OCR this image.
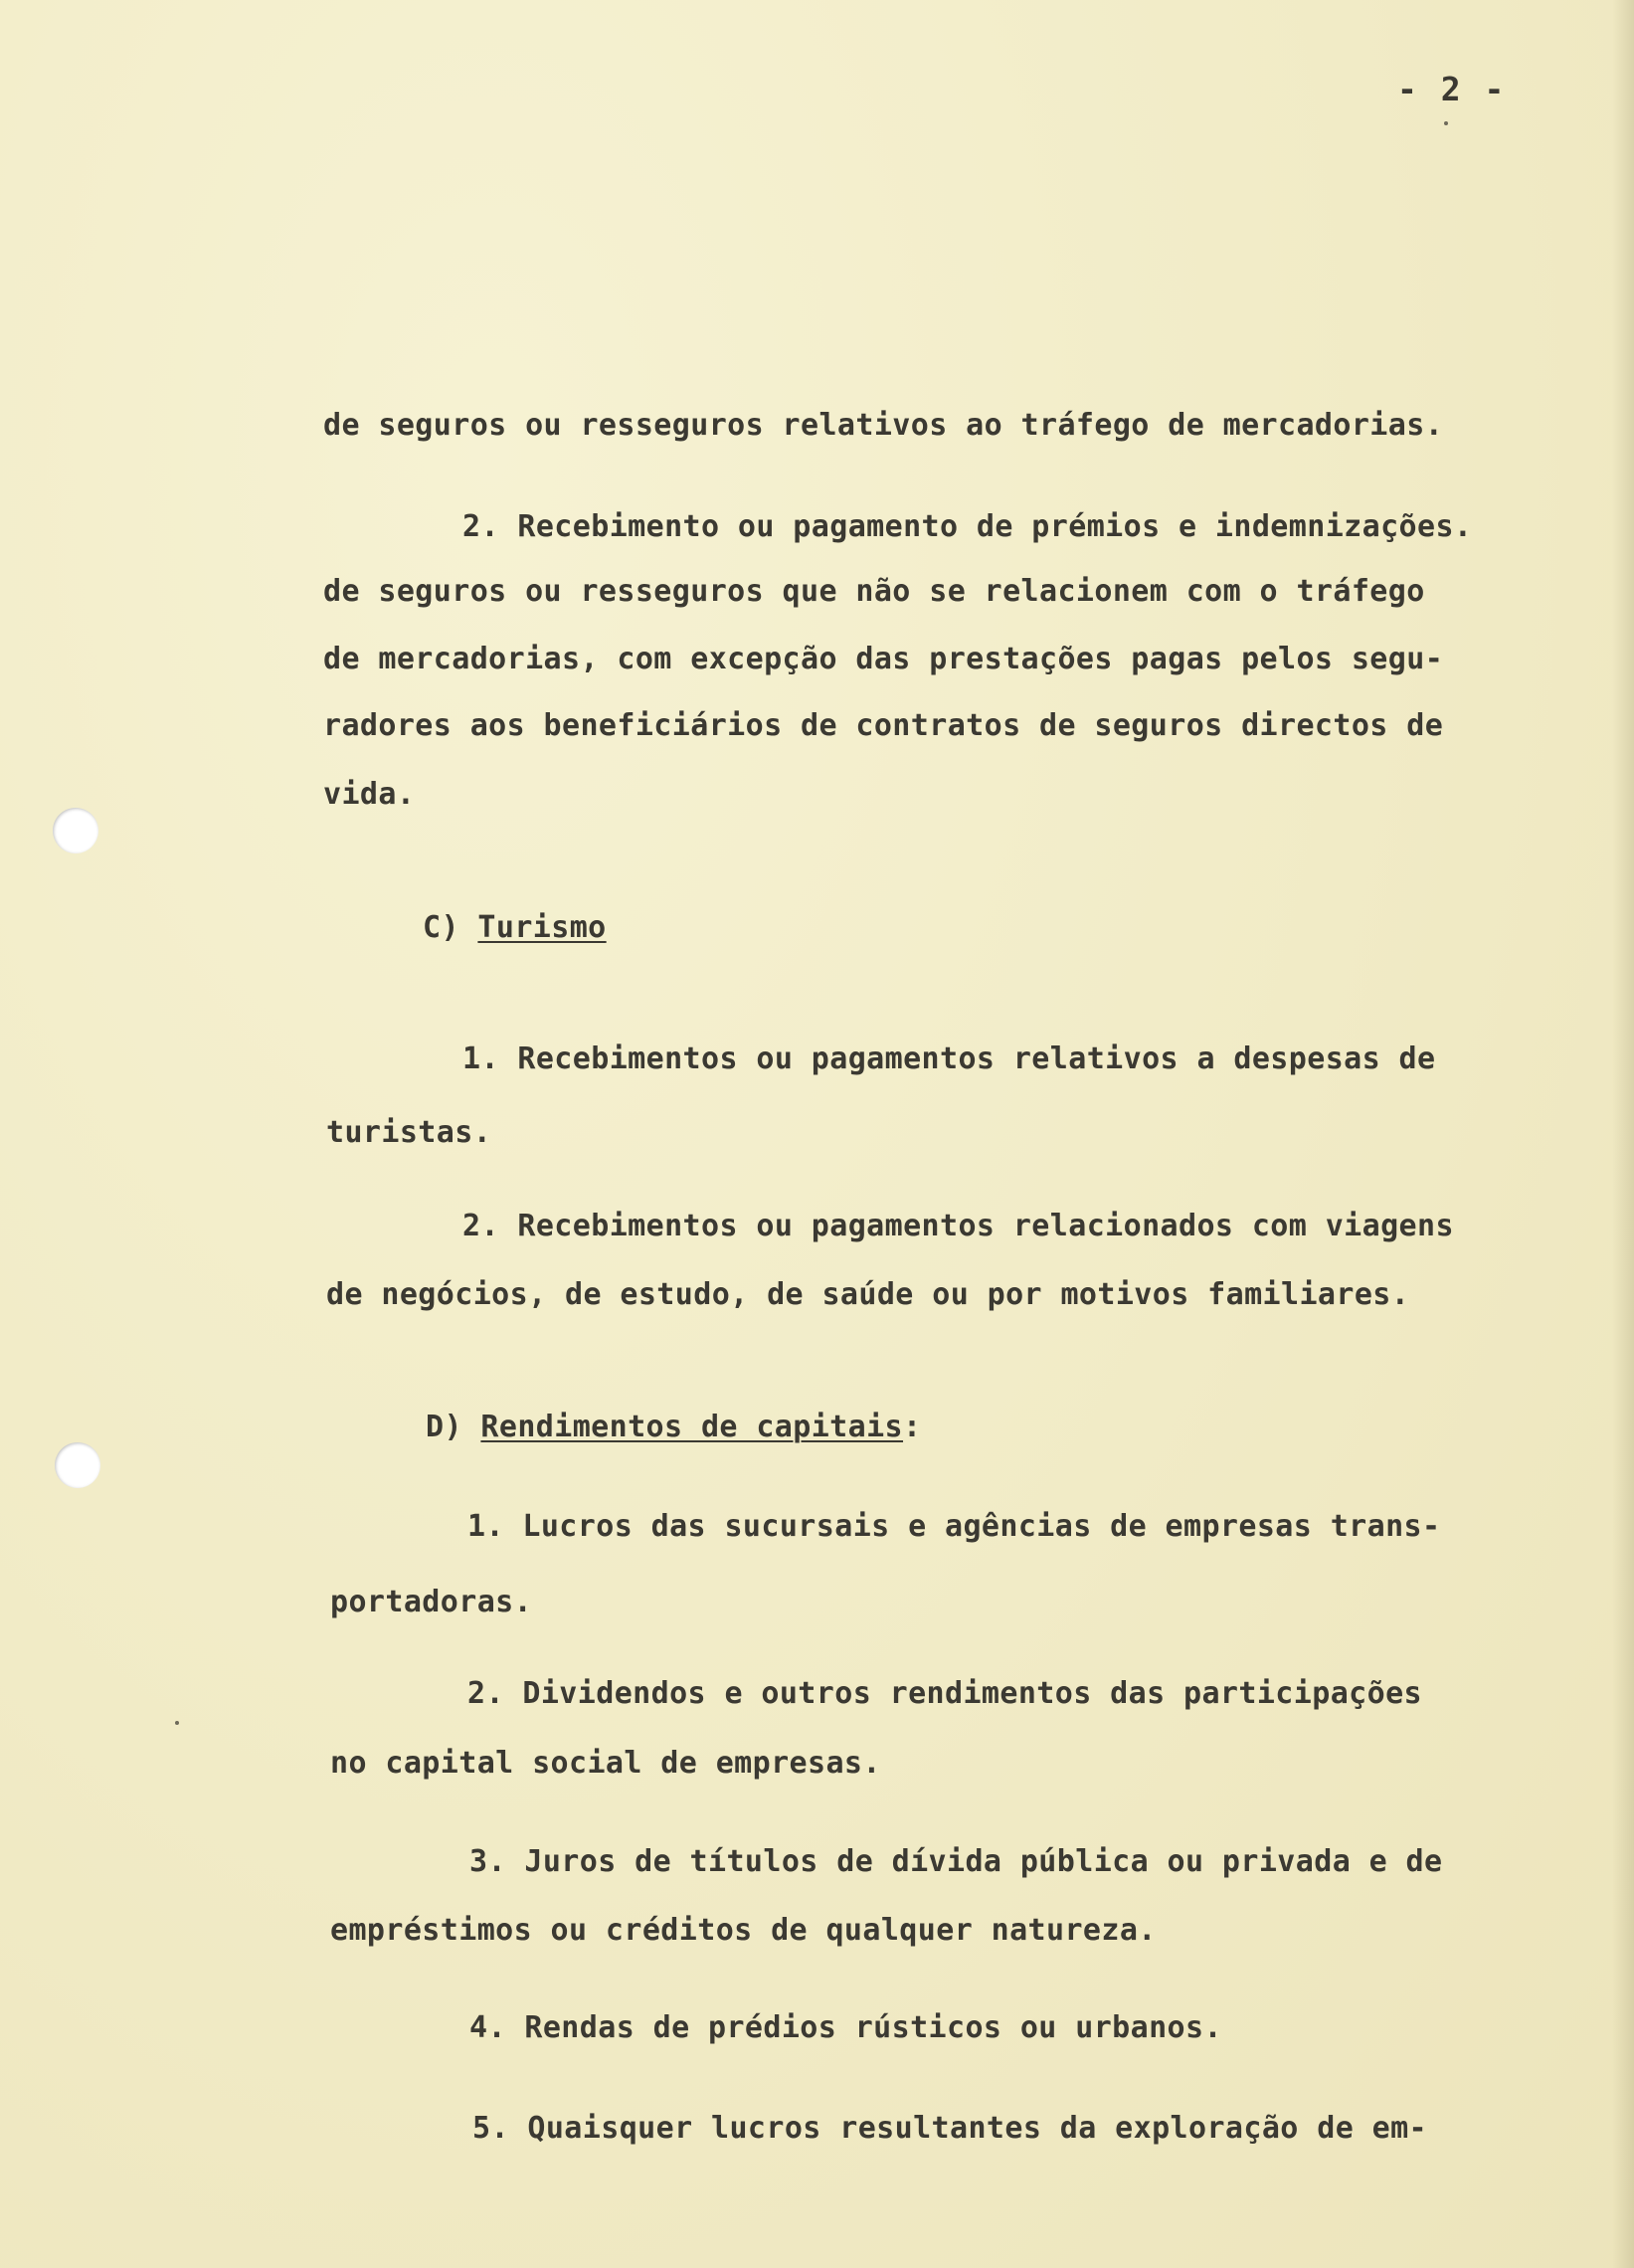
- 2 -
de seguros ou resseguros relativos ao tráfego de mercadorias.
2. Recebimento ou pagamento de prémios e indemnizações.
de seguros ou resseguros que não se relacionem com o tráfego
de mercadorias, com excepção das prestações pagas pelos segu-
radores aos beneficiários de contratos de seguros directos de
vida.
C) Turismo
1. Recebimentos ou pagamentos relativos a despesas de
turistas.
2. Recebimentos ou pagamentos relacionados com viagens
de negócios, de estudo, de saúde ou por motivos familiares.
D) Rendimentos de capitais:
1. Lucros das sucursais e agências de empresas trans-
portadoras.
2. Dividendos e outros rendimentos das participações
no capital social de empresas.
3. Juros de títulos de dívida pública ou privada e de
empréstimos ou créditos de qualquer natureza.
4. Rendas de prédios rústicos ou urbanos.
5. Quaisquer lucros resultantes da exploração de em-
